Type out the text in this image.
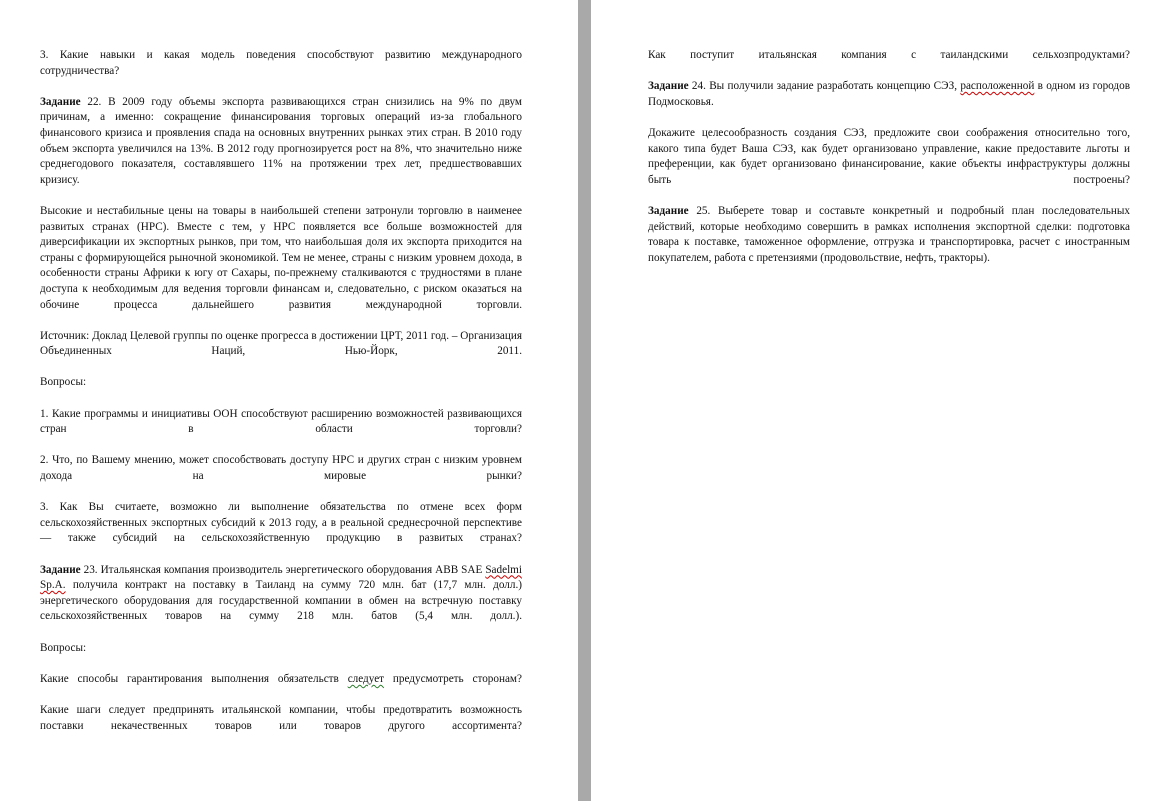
3. Какие навыки и какая модель поведения способствуют развитию международного сотрудничества?

Задание 22. В 2009 году объемы экспорта развивающихся стран снизились на 9% по двум причинам, а именно: сокращение финансирования торговых операций из-за глобального финансового кризиса и проявления спада на основных внутренних рынках этих стран. В 2010 году объем экспорта увеличился на 13%. В 2012 году прогнозируется рост на 8%, что значительно ниже среднегодового показателя, составлявшего 11% на протяжении трех лет, предшествовавших кризису.

Высокие и нестабильные цены на товары в наибольшей степени затронули торговлю в наименее развитых странах (НРС). Вместе с тем, у НРС появляется все больше возможностей для диверсификации их экспортных рынков, при том, что наибольшая доля их экспорта приходится на страны с формирующейся рыночной экономикой. Тем не менее, страны с низким уровнем дохода, в особенности страны Африки к югу от Сахары, по-прежнему сталкиваются с трудностями в плане доступа к необходимым для ведения торговли финансам и, следовательно, с риском оказаться на обочине процесса дальнейшего развития международной торговли.

Источник: Доклад Целевой группы по оценке прогресса в достижении ЦРТ, 2011 год. – Организация Объединенных Наций, Нью-Йорк, 2011.

Вопросы:

1. Какие программы и инициативы ООН способствуют расширению возможностей развивающихся стран в области торговли?

2. Что, по Вашему мнению, может способствовать доступу НРС и других стран с низким уровнем дохода на мировые рынки?

3. Как Вы считаете, возможно ли выполнение обязательства по отмене всех форм сельскохозяйственных экспортных субсидий к 2013 году, а в реальной среднесрочной перспективе — также субсидий на сельскохозяйственную продукцию в развитых странах?

Задание 23. Итальянская компания производитель энергетического оборудования ABB SAE Sadelmi Sp.A. получила контракт на поставку в Таиланд на сумму 720 млн. бат (17,7 млн. долл.) энергетического оборудования для государственной компании в обмен на встречную поставку сельскохозяйственных товаров на сумму 218 млн. батов (5,4 млн. долл.).

Вопросы:

Какие способы гарантирования выполнения обязательств следует предусмотреть сторонам?

Какие шаги следует предпринять итальянской компании, чтобы предотвратить возможность поставки некачественных товаров или товаров другого ассортимента?

Как поступит итальянская компания с таиландскими сельхозпродуктами?

Задание 24. Вы получили задание разработать концепцию СЭЗ, расположенной в одном из городов Подмосковья.

Докажите целесообразность создания СЭЗ, предложите свои соображения относительно того, какого типа будет Ваша СЭЗ, как будет организовано управление, какие предоставите льготы и преференции, как будет организовано финансирование, какие объекты инфраструктуры должны быть построены?

Задание 25. Выберете товар и составьте конкретный и подробный план последовательных действий, которые необходимо совершить в рамках исполнения экспортной сделки: подготовка товара к поставке, таможенное оформление, отгрузка и транспортировка, расчет с иностранным покупателем, работа с претензиями (продовольствие, нефть, тракторы).
